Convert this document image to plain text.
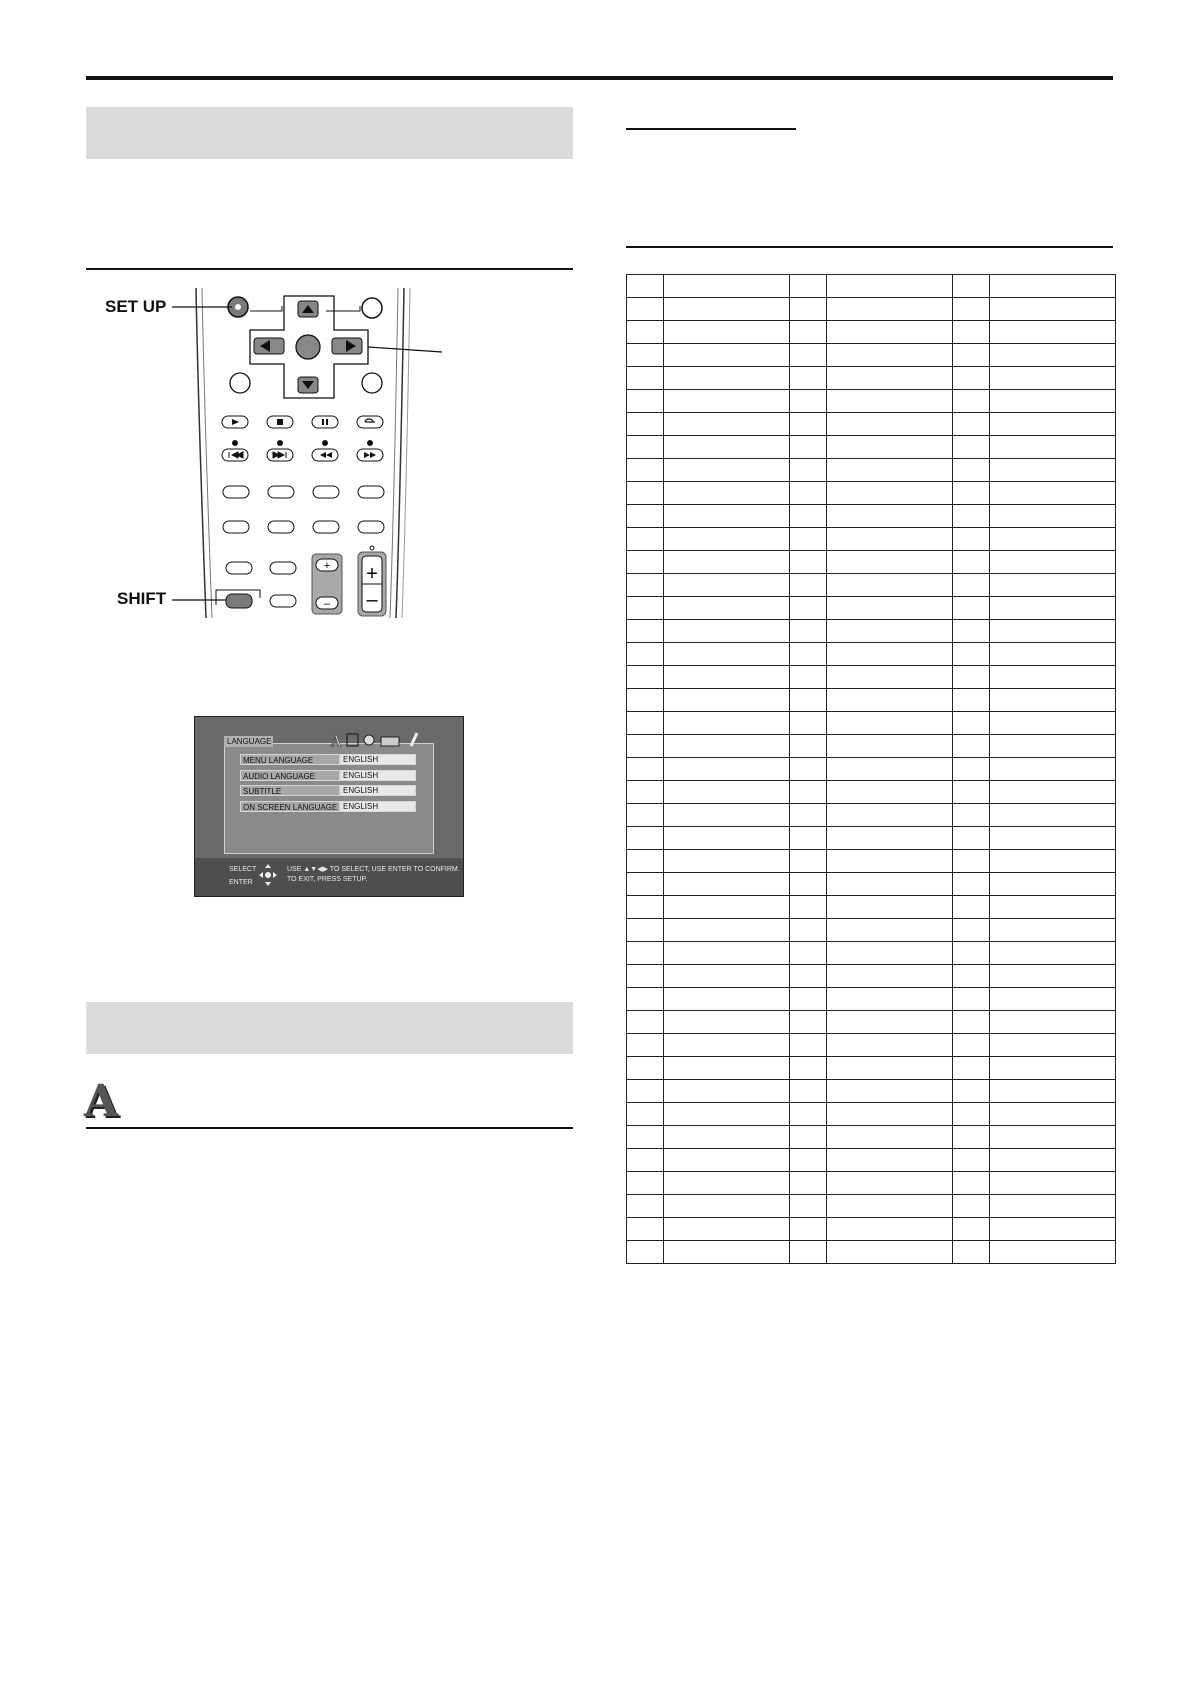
+
–
+
–
SET UP
SHIFT
LANGUAGE	A
MENU LANGUAGE	ENGLISH
AUDIO LANGUAGE	ENGLISH
SUBTITLE	ENGLISH
ON SCREEN LANGUAGE ENGLISH
SELECT
ENTER
USE ▲▼◀▶ TO SELECT, USE ENTER TO CONFIRM.
TO EXIT, PRESS SETUP.
A
